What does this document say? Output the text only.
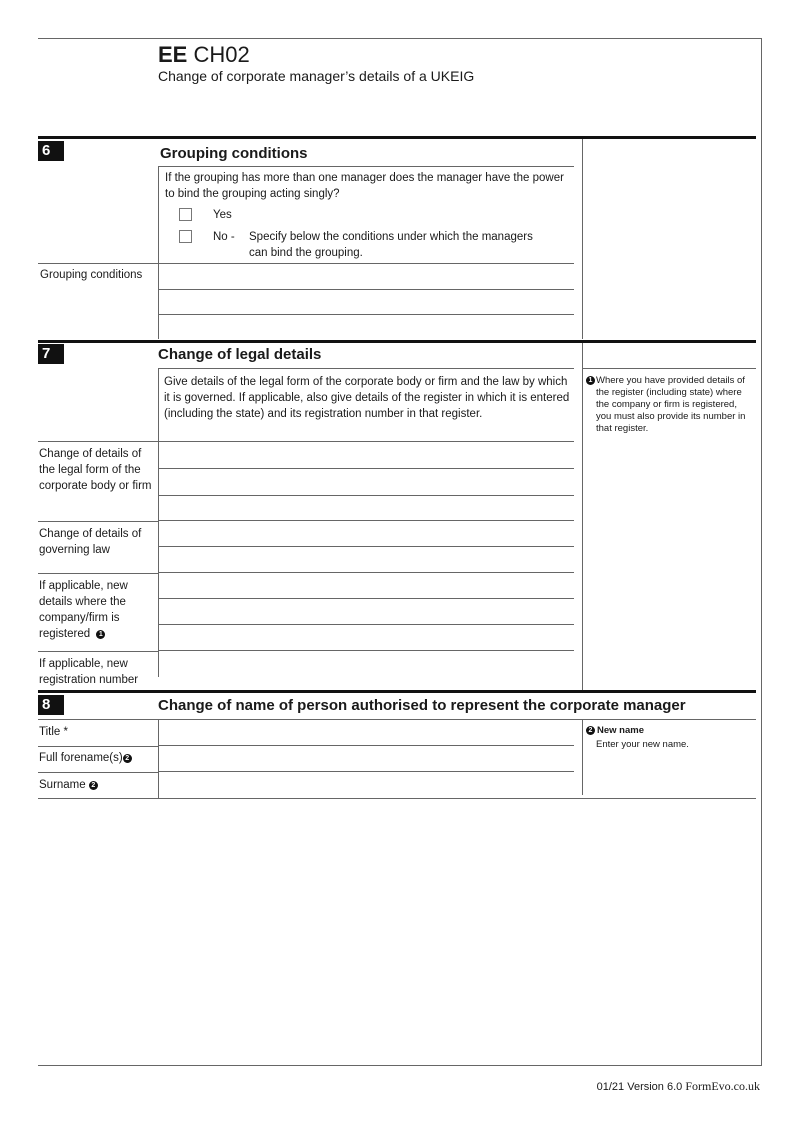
EE CH02
Change of corporate manager’s details of a UKEIG
6	Grouping conditions
If the grouping has more than one manager does the manager have the power to bind the grouping acting singly?
Yes
No - Specify below the conditions under which the managers can bind the grouping.
Grouping conditions
7	Change of legal details
Give details of the legal form of the corporate body or firm and the law by which it is governed. If applicable, also give details of the register in which it is entered (including the state) and its registration number in that register.
1 Where you have provided details of the register (including state) where the company or firm is registered, you must also provide its number in that register.
Change of details of the legal form of the corporate body or firm
Change of details of governing law
If applicable, new details where the company/firm is registered 1
If applicable, new registration number
8	Change of name of person authorised to represent the corporate manager
Title *
Full forename(s) 2
Surname 2
2 New name
Enter your new name.
01/21 Version 6.0 FormEvo.co.uk
